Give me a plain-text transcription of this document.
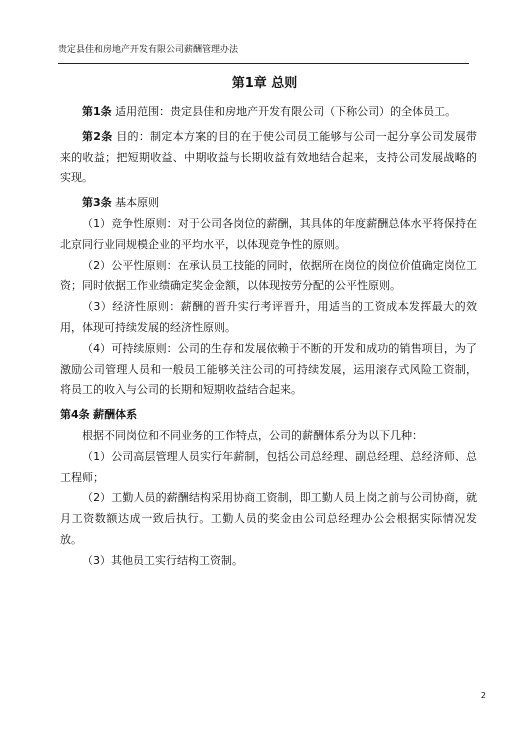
贵定县佳和房地产开发有限公司薪酬管理办法
第1章 总则

第1条 适用范围：贵定县佳和房地产开发有限公司（下称公司）的全体员工。

第2条 目的：制定本方案的目的在于使公司员工能够与公司一起分享公司发展带来的收益；把短期收益、中期收益与长期收益有效地结合起来，支持公司发展战略的实现。

第3条 基本原则

（1）竞争性原则：对于公司各岗位的薪酬，其具体的年度薪酬总体水平将保持在北京同行业同规模企业的平均水平，以体现竞争性的原则。

（2）公平性原则：在承认员工技能的同时，依据所在岗位的岗位价值确定岗位工资；同时依据工作业绩确定奖金金额，以体现按劳分配的公平性原则。

（3）经济性原则：薪酬的晋升实行考评晋升，用适当的工资成本发挥最大的效用，体现可持续发展的经济性原则。

（4）可持续原则：公司的生存和发展依赖于不断的开发和成功的销售项目，为了激励公司管理人员和一般员工能够关注公司的可持续发展，运用滚存式风险工资制，将员工的收入与公司的长期和短期收益结合起来。

第4条 薪酬体系

根据不同岗位和不同业务的工作特点，公司的薪酬体系分为以下几种：

（1）公司高层管理人员实行年薪制，包括公司总经理、副总经理、总经济师、总工程师；

（2）工勤人员的薪酬结构采用协商工资制，即工勤人员上岗之前与公司协商，就月工资数额达成一致后执行。工勤人员的奖金由公司总经理办公会根据实际情况发放。

（3）其他员工实行结构工资制。

2
